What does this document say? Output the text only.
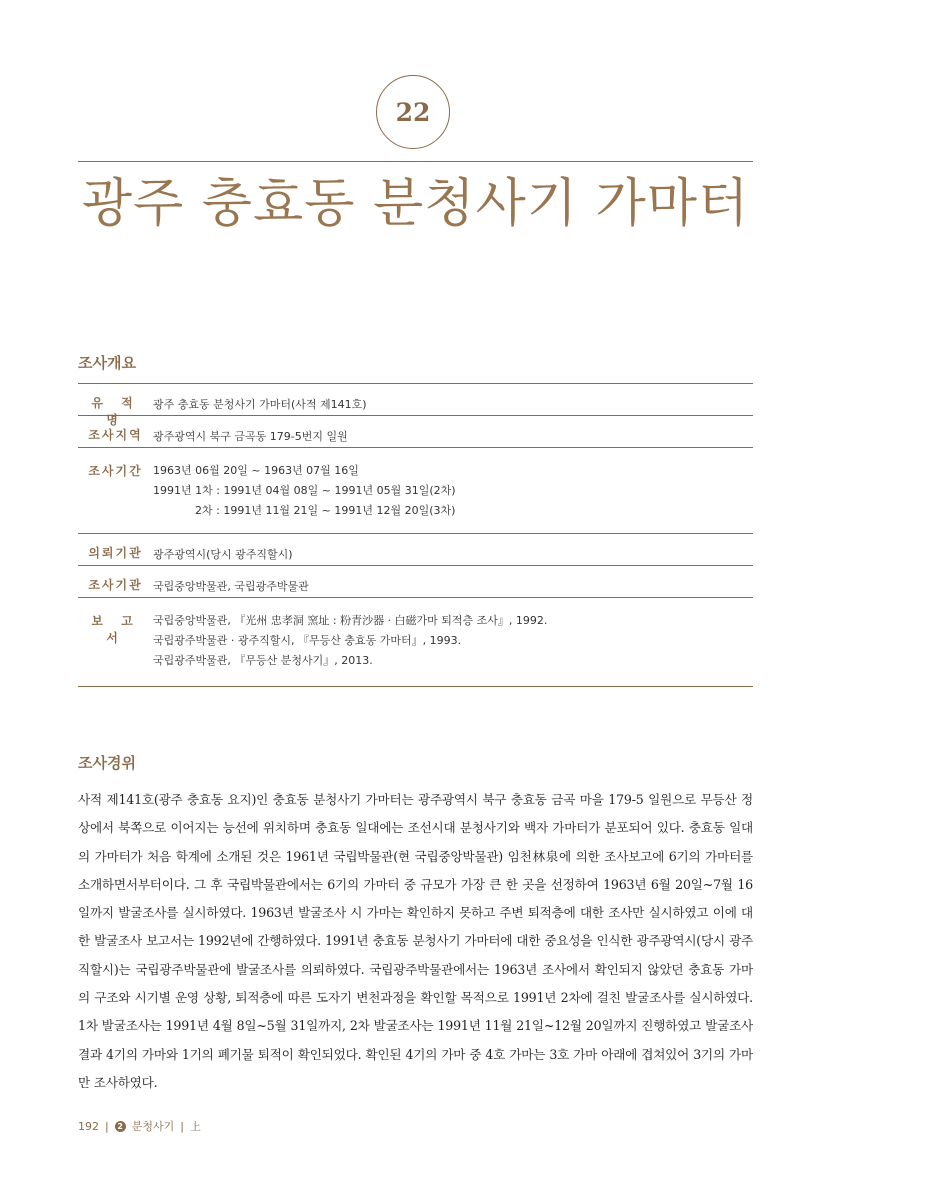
22
광주 충효동 분청사기 가마터
조사개요
유 적 명
광주 충효동 분청사기 가마터(사적 제141호)
조사지역 광주광역시 북구 금곡동 179-5번지 일원
조사기간 1963년 06월 20일 ~ 1963년 07월 16일
1991년 1차 : 1991년 04월 08일 ~ 1991년 05월 31일(2차)
2차 : 1991년 11월 21일 ~ 1991년 12월 20일(3차)
의뢰기관 광주광역시(당시 광주직할시)
조사기관 국립중앙박물관, 국립광주박물관
보 고 서
국립중앙박물관, 『光州 忠孝洞 窯址 : 粉青沙器 · 白磁가마 퇴적층 조사』, 1992.
국립광주박물관 · 광주직할시, 『무등산 충효동 가마터』, 1993.
국립광주박물관, 『무등산 분청사기』, 2013.
조사경위
사적 제141호(광주 충효동 요지)인 충효동 분청사기 가마터는 광주광역시 북구 충효동 금곡 마을 179-5 일원으로 무등산 정상에서 북쪽으로 이어지는 능선에 위치하며 충효동 일대에는 조선시대 분청사기와 백자 가마터가 분포되어 있다. 충효동 일대의 가마터가 처음 학계에 소개된 것은 1961년 국립박물관(현 국립중앙박물관) 임천林泉에 의한 조사보고에 6기의 가마터를 소개하면서부터이다. 그 후 국립박물관에서는 6기의 가마터 중 규모가 가장 큰 한 곳을 선정하여 1963년 6월 20일~7월 16일까지 발굴조사를 실시하였다. 1963년 발굴조사 시 가마는 확인하지 못하고 주변 퇴적층에 대한 조사만 실시하였고 이에 대한 발굴조사 보고서는 1992년에 간행하였다. 1991년 충효동 분청사기 가마터에 대한 중요성을 인식한 광주광역시(당시 광주직할시)는 국립광주박물관에 발굴조사를 의뢰하였다. 국립광주박물관에서는 1963년 조사에서 확인되지 않았던 충효동 가마의 구조와 시기별 운영 상황, 퇴적층에 따른 도자기 변천과정을 확인할 목적으로 1991년 2차에 걸친 발굴조사를 실시하였다. 1차 발굴조사는 1991년 4월 8일~5월 31일까지, 2차 발굴조사는 1991년 11월 21일~12월 20일까지 진행하였고 발굴조사 결과 4기의 가마와 1기의 폐기물 퇴적이 확인되었다. 확인된 4기의 가마 중 4호 가마는 3호 가마 아래에 겹쳐있어 3기의 가마만 조사하였다.
192 |	2 분청사기 | 上
